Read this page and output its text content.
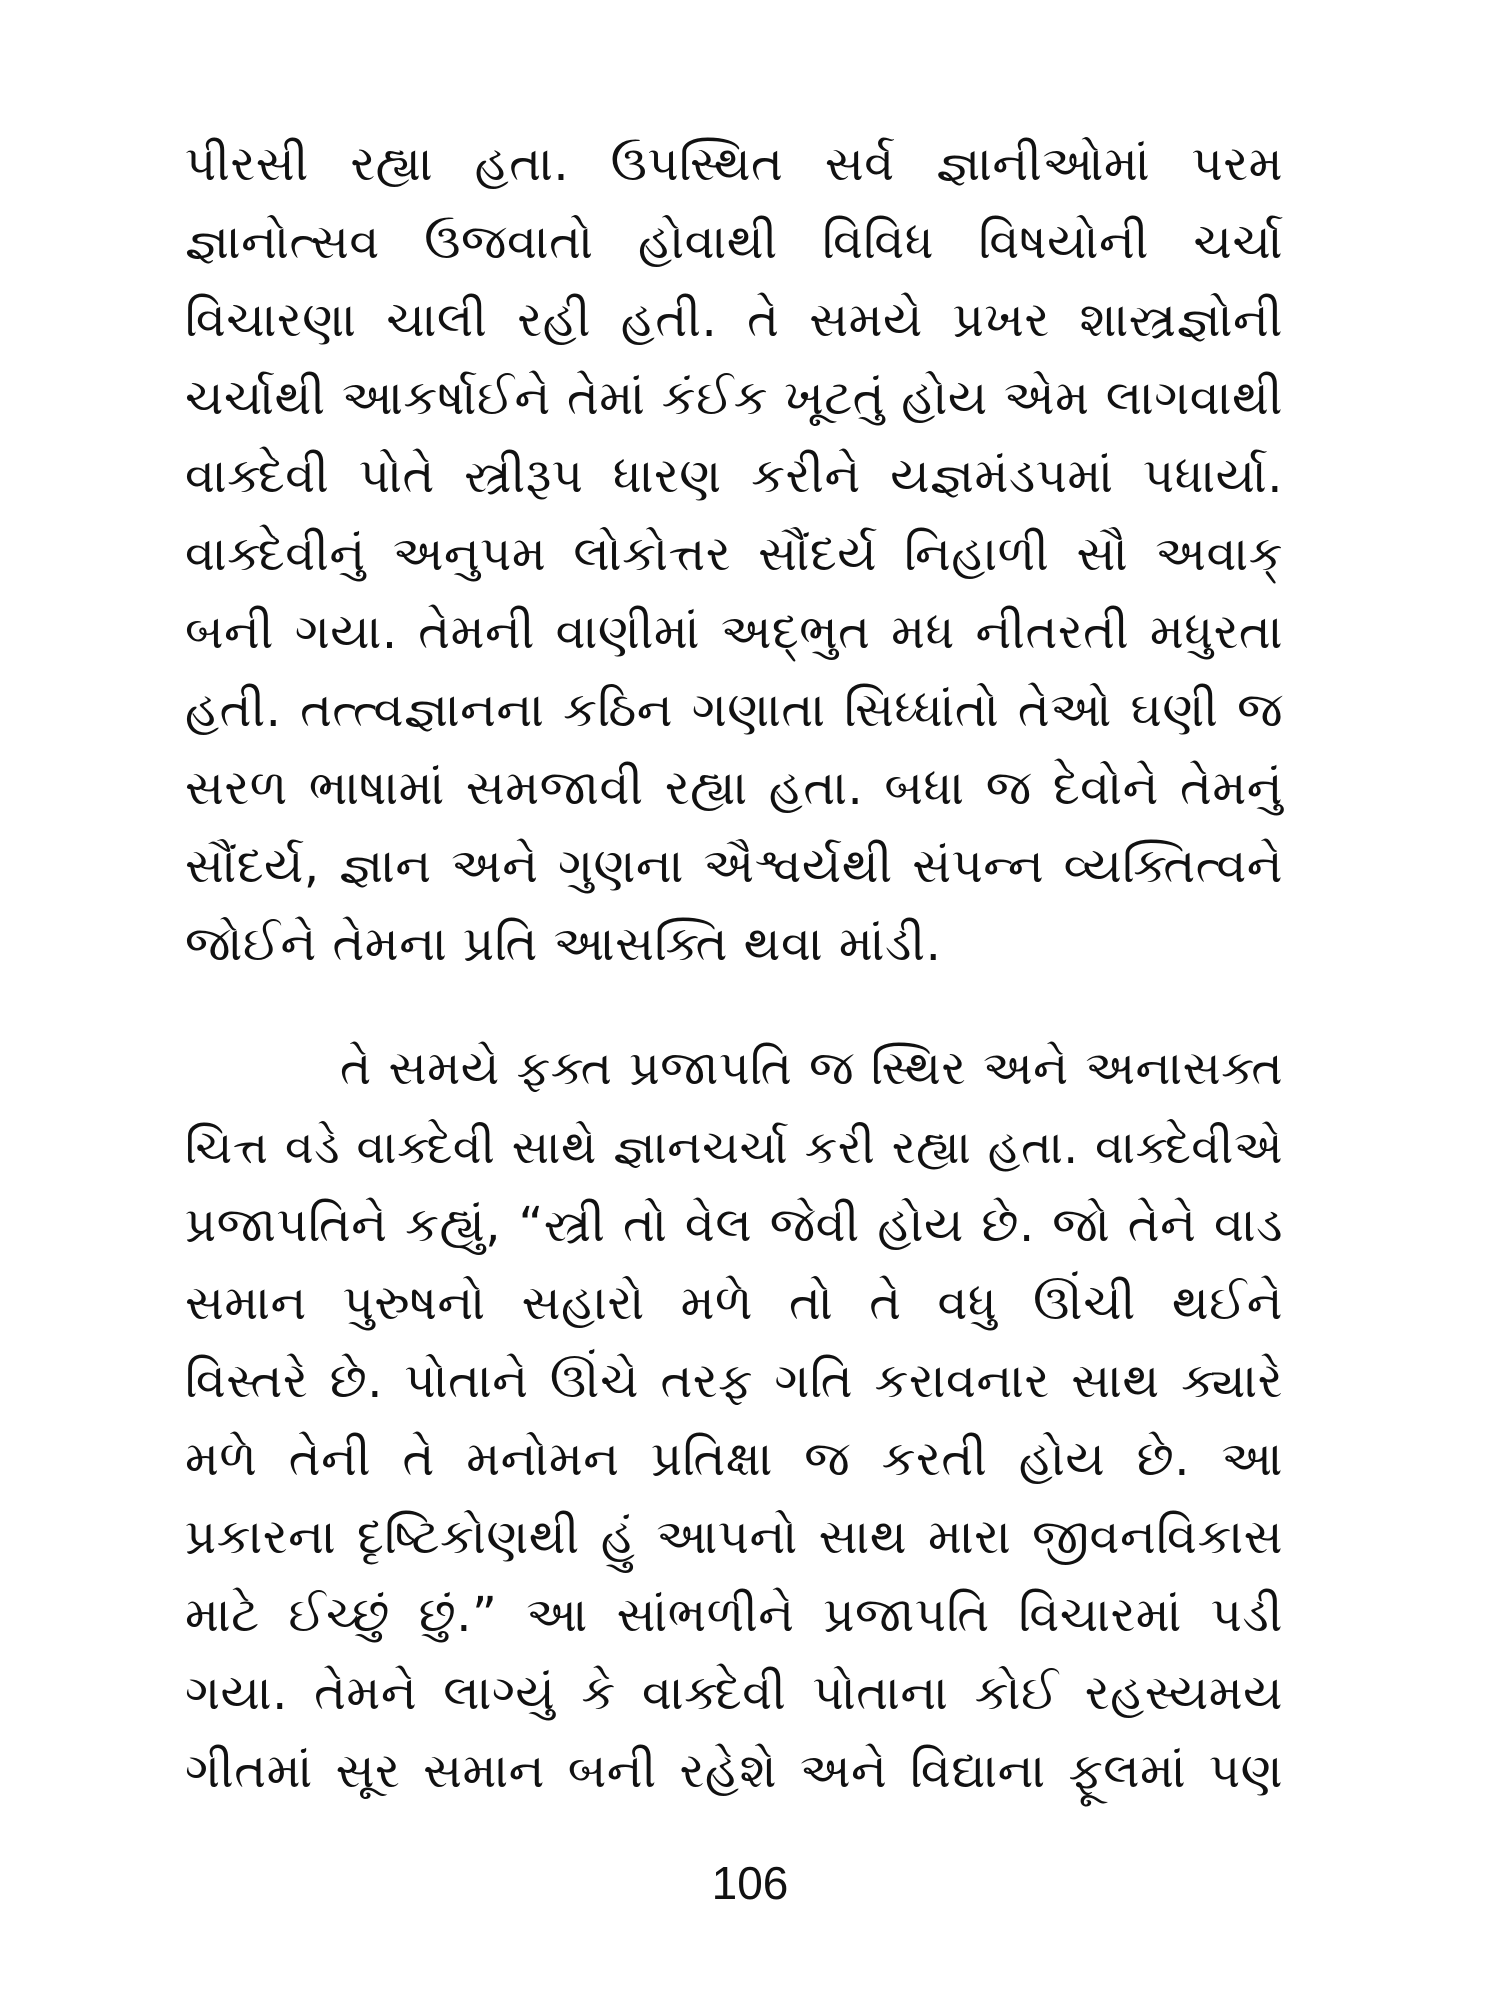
પીરસી રહ્યા હતા. ઉપસ્થિત સર્વ જ્ઞાનીઓમાં પરમ
જ્ઞાનોત્સવ ઉજવાતો હોવાથી વિવિધ વિષયોની ચર્ચા
વિચારણા ચાલી રહી હતી. તે સમયે પ્રખર શાસ્ત્રજ્ઞોની
ચર્ચાથી આકર્ષાઈને તેમાં કંઈક ખૂટતું હોય એમ લાગવાથી
વાક્દેવી પોતે સ્ત્રીરૂપ ધારણ કરીને યજ્ઞમંડપમાં પધાર્યા.
વાક્દેવીનું અનુપમ લોકોત્તર સૌંદર્ય નિહાળી સૌ અવાક્
બની ગયા. તેમની વાણીમાં અદ્ભુત મધ નીતરતી મધુરતા
હતી. તત્ત્વજ્ઞાનના કઠિન ગણાતા સિધ્ધાંતો તેઓ ઘણી જ
સરળ ભાષામાં સમજાવી રહ્યા હતા. બધા જ દેવોને તેમનું
સૌંદર્ય, જ્ઞાન અને ગુણના ઐશ્વર્યથી સંપન્ન વ્યક્તિત્વને
જોઈને તેમના પ્રતિ આસક્તિ થવા માંડી.
તે સમયે ફક્ત પ્રજાપતિ જ સ્થિર અને અનાસક્ત
ચિત્ત વડે વાક્દેવી સાથે જ્ઞાનચર્ચા કરી રહ્યા હતા. વાક્દેવીએ
પ્રજાપતિને કહ્યું, “સ્ત્રી તો વેલ જેવી હોય છે. જો તેને વાડ
સમાન પુરુષનો સહારો મળે તો તે વધુ ઊંચી થઈને
વિસ્તરે છે. પોતાને ઊંચે તરફ ગતિ કરાવનાર સાથ ક્યારે
મળે તેની તે મનોમન પ્રતિક્ષા જ કરતી હોય છે. આ
પ્રકારના દૃષ્ટિકોણથી હું આપનો સાથ મારા જીવનવિકાસ
માટે ઈચ્છું છું.” આ સાંભળીને પ્રજાપતિ વિચારમાં પડી
ગયા. તેમને લાગ્યું કે વાક્દેવી પોતાના કોઈ રહસ્યમય
ગીતમાં સૂર સમાન બની રહેશે અને વિદ્યાના ફૂલમાં પણ
106
